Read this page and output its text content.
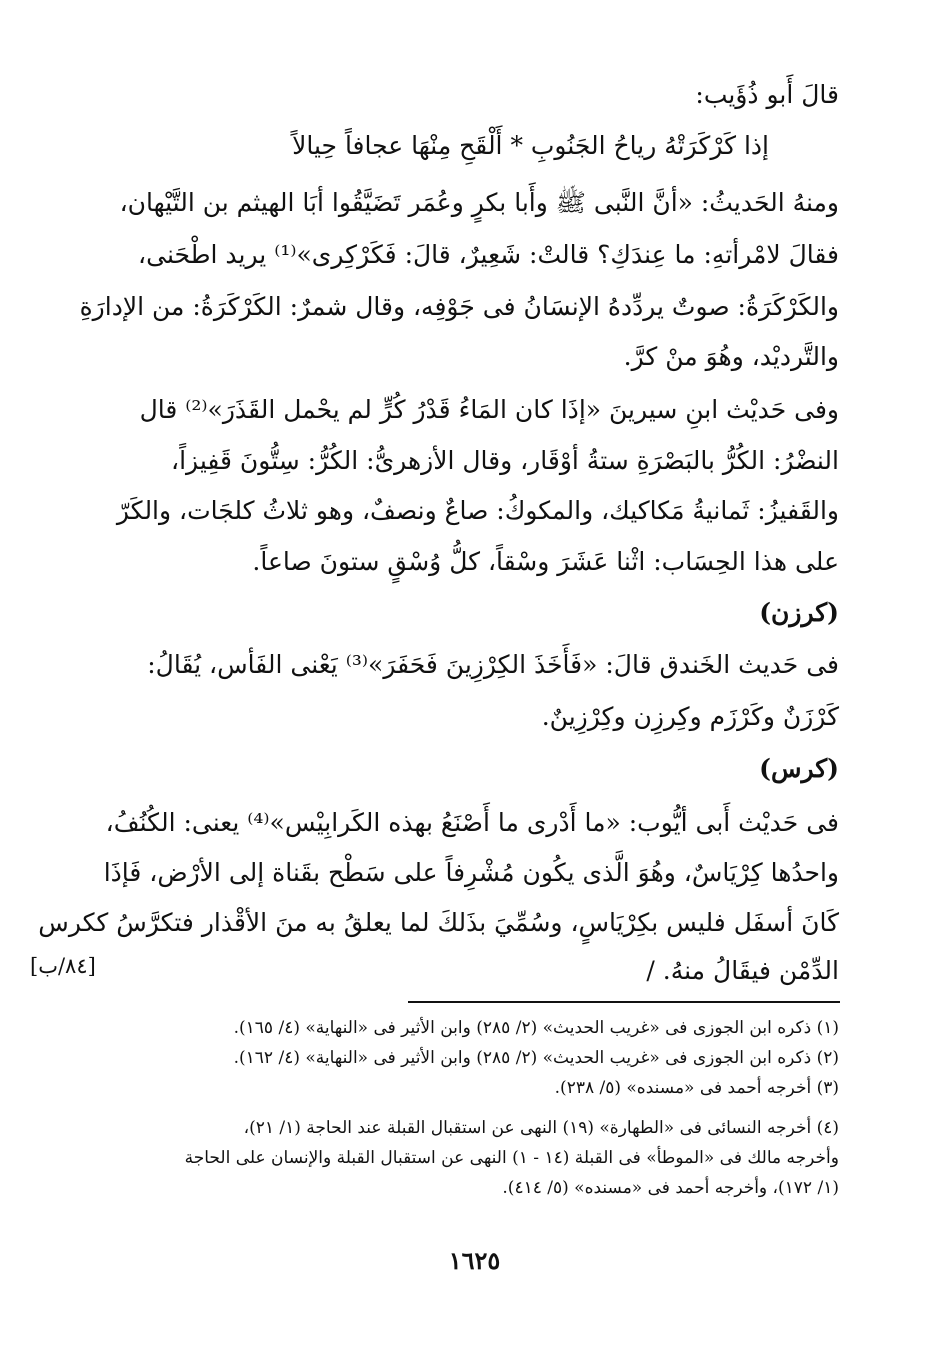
قالَ أَبو ذُؤَيب:
إذا كَرْكَرَتْهُ رياحُ الجَنُوبِ * أَلْقَحِ مِنْهَا عجافاً حِيالاً
ومنهُ الحَديثُ: «أنَّ النَّبى ﷺ وأَبا بكرٍ وعُمَر تَضَيَّقُوا أبَا الهيثم بن التَّيْهان،
فقالَ لامْرأتهِ: ما عِندَكِ؟ قالتْ: شَعِيرٌ، قالَ: فَكَرْكِرى»⁽¹⁾ يريد اطْحَنى،
والكَرْكَرَةُ: صوتٌ يردِّدهُ الإنسَانُ فى جَوْفِه، وقال شمرٌ: الكَرْكَرَةُ: من الإدارَةِ
والتَّرديْد، وهُوَ منْ كرَّ.
وفى حَديْث ابنِ سيرينَ «إذَا كان المَاءُ قَدْرُ كُرٍّ لم يحْمل القَذَرَ»⁽²⁾ قال
النضْرُ: الكُرُّ بالبَصْرَةِ ستةُ أوْقَار، وقال الأزهرىُّ: الكُرُّ: سِتُّونَ قَفِيزاً،
والقَفيزُ: ثَمانيةُ مَكاكيك، والمكوكُ: صاعٌ ونصفٌ، وهو ثلاثُ كلجَات، والكَرّ
على هذا الحِسَاب: اثْنا عَشَرَ وسْقاً، كلُّ وُسْقٍ ستونَ صاعاً.
(كرزن)
فى حَديث الخَندق قالَ: «فَأَخَذَ الكِرْزِينَ فَحَفَرَ»⁽³⁾ يَعْنى الفَأس، يُقَالُ:
كَرْزَنٌ وكَرْزَم وكِرزِن وكِرْزِينٌ.
(كرس)
فى حَديْث أَبى أيُّوب: «ما أَدْرى ما أَصْنَعُ بهذه الكَرابِيْس»⁽⁴⁾ يعنى: الكُنُفُ،
واحدُها كِرْيَاسٌ، وهُوَ الَّذى يكُون مُشْرِفاً على سَطْح بقَناة إلى الأرْض، فَإذَا
كَانَ أسفَل فليس بكِرْيَاسٍ، وسُمِّيَ بذَلكَ لما يعلقُ به منَ الأقْذار فتكرَّسُ ككرس
الدِّمْن فيقَالُ منهُ. /
[٨٤/ب]
(١) ذكره ابن الجوزى فى «غريب الحديث» (٢/ ٢٨٥) وابن الأثير فى «النهاية» (٤/ ١٦٥).
(٢) ذكره ابن الجوزى فى «غريب الحديث» (٢/ ٢٨٥) وابن الأثير فى «النهاية» (٤/ ١٦٢).
(٣) أخرجه أحمد فى «مسنده» (٥/ ٢٣٨).
(٤) أخرجه النسائى فى «الطهارة» (١٩) النهى عن استقبال القبلة عند الحاجة (١/ ٢١)،
وأخرجه مالك فى «الموطأ» فى القبلة (١٤ - ١) النهى عن استقبال القبلة والإنسان على الحاجة
(١/ ١٧٢)، وأخرجه أحمد فى «مسنده» (٥/ ٤١٤).
١٦٢٥
